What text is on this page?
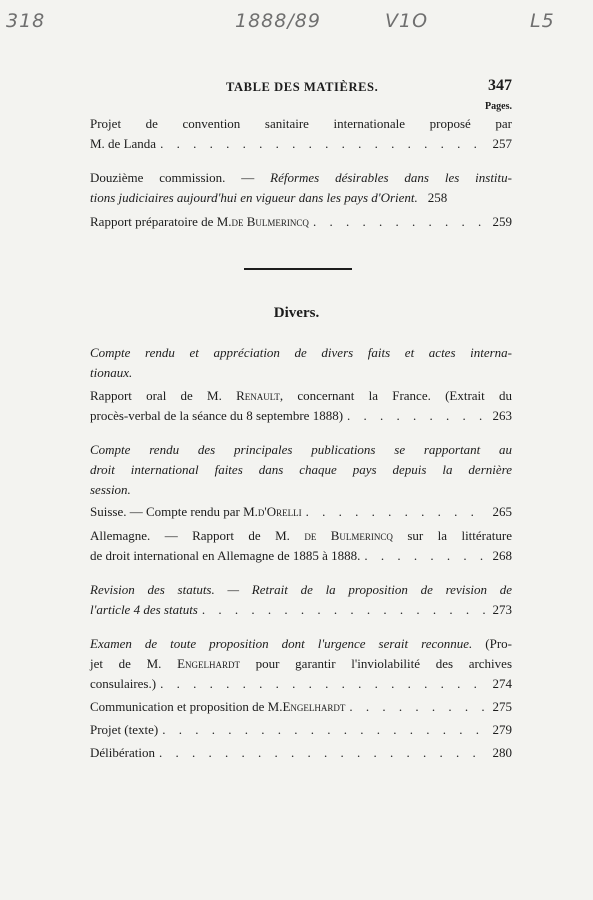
318	1888/89	V1O	L5
TABLE DES MATIÈRES.	347
Pages.
Projet de convention sanitaire internationale proposé par
M. de Landa . . .	257
Douzième commission. — Réformes désirables dans les institu-
tions judiciaires aujourd'hui en vigueur dans les pays d'Orient. 258
Rapport préparatoire de M. de Bulmerincq . . .	259
Divers.
Compte rendu et appréciation de divers faits et actes interna-
tionaux.
Rapport oral de M. Renault, concernant la France. (Extrait du
procès-verbal de la séance du 8 septembre 1888) . . .	263
Compte rendu des principales publications se rapportant au
droit international faites dans chaque pays depuis la dernière
session.
Suisse. — Compte rendu par M. d'Orelli . . .	265
Allemagne. — Rapport de M. de Bulmerincq sur la littérature
de droit international en Allemagne de 1885 à 1888. . . .	268
Revision des statuts. — Retrait de la proposition de revision de
l'article 4 des statuts . . .	273
Examen de toute proposition dont l'urgence serait reconnue. (Pro-
jet de M. Engelhardt pour garantir l'inviolabilité des archives
consulaires.) . . .	274
Communication et proposition de M. Engelhardt . . .	275
Projet (texte) . . .	279
Délibération . . .	280
